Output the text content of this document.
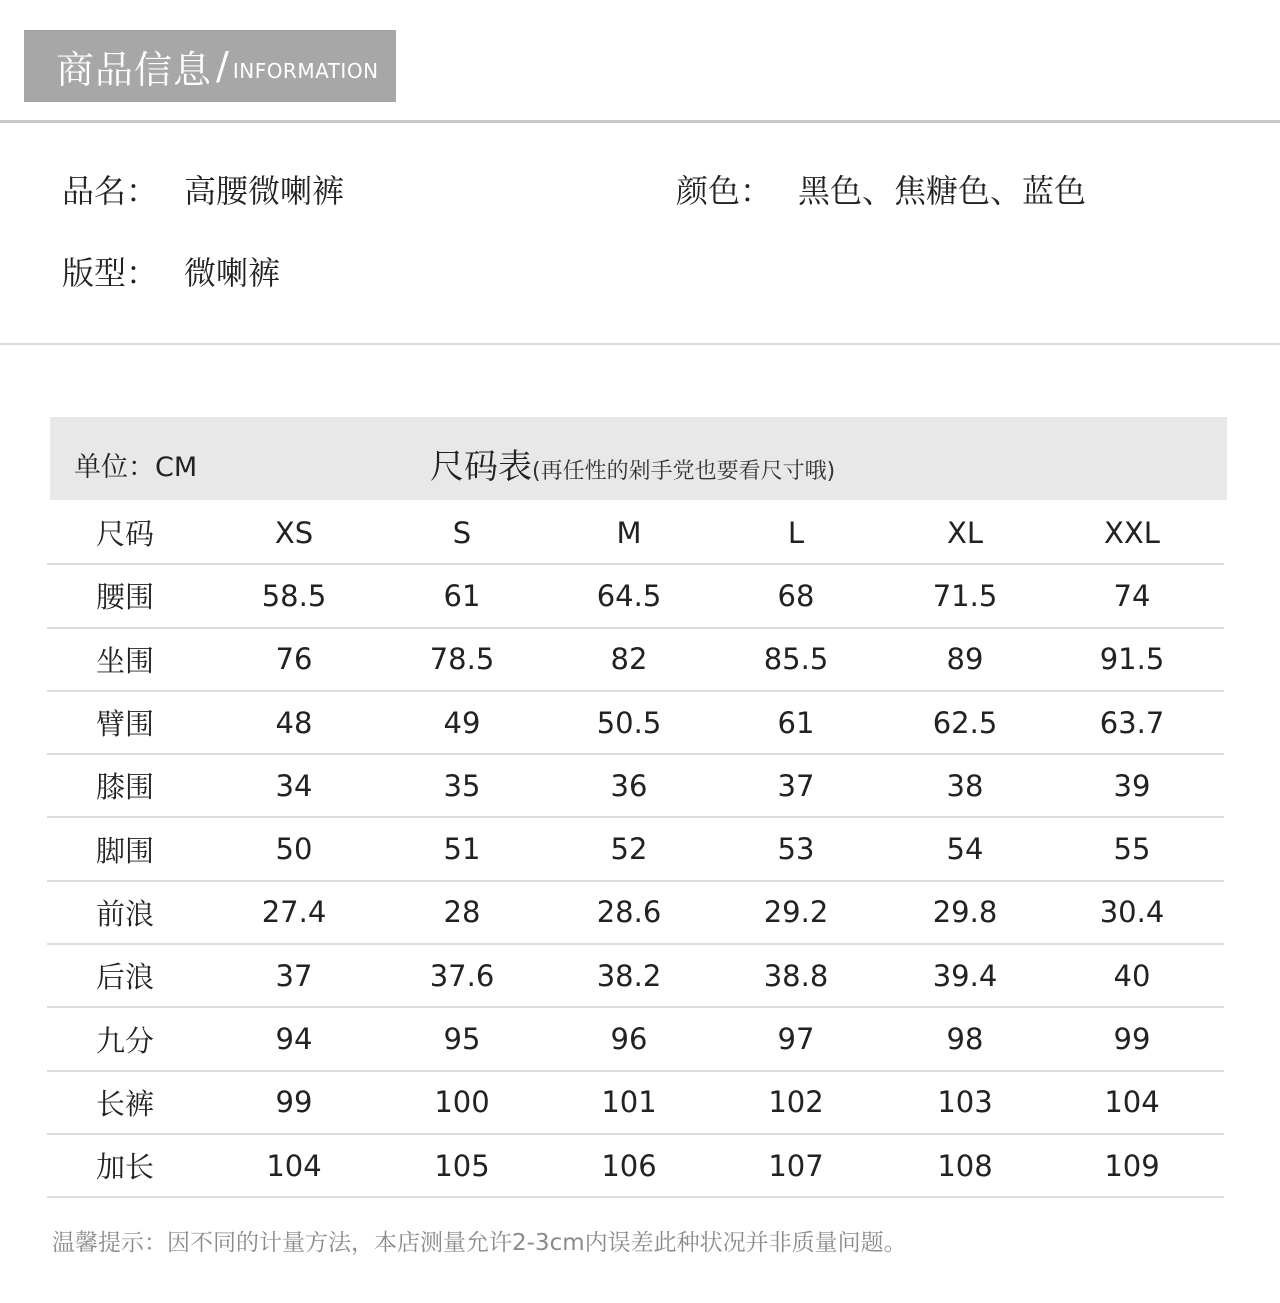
商品信息 / INFORMATION
品名： 高腰微喇裤	颜色： 黑色、焦糖色、蓝色
版型： 微喇裤
单位：CM	尺码表(再任性的剁手党也要看尺寸哦)
尺码	XS	S	M	L	XL	XXL
腰围	58.5	61	64.5	68	71.5	74
坐围	76	78.5	82	85.5	89	91.5
臂围	48	49	50.5	61	62.5	63.7
膝围	34	35	36	37	38	39
脚围	50	51	52	53	54	55
前浪	27.4	28	28.6	29.2	29.8	30.4
后浪	37	37.6	38.2	38.8	39.4	40
九分	94	95	96	97	98	99
长裤	99	100	101	102	103	104
加长	104	105	106	107	108	109
温馨提示：因不同的计量方法，本店测量允许2-3cm内误差此种状况并非质量问题。
